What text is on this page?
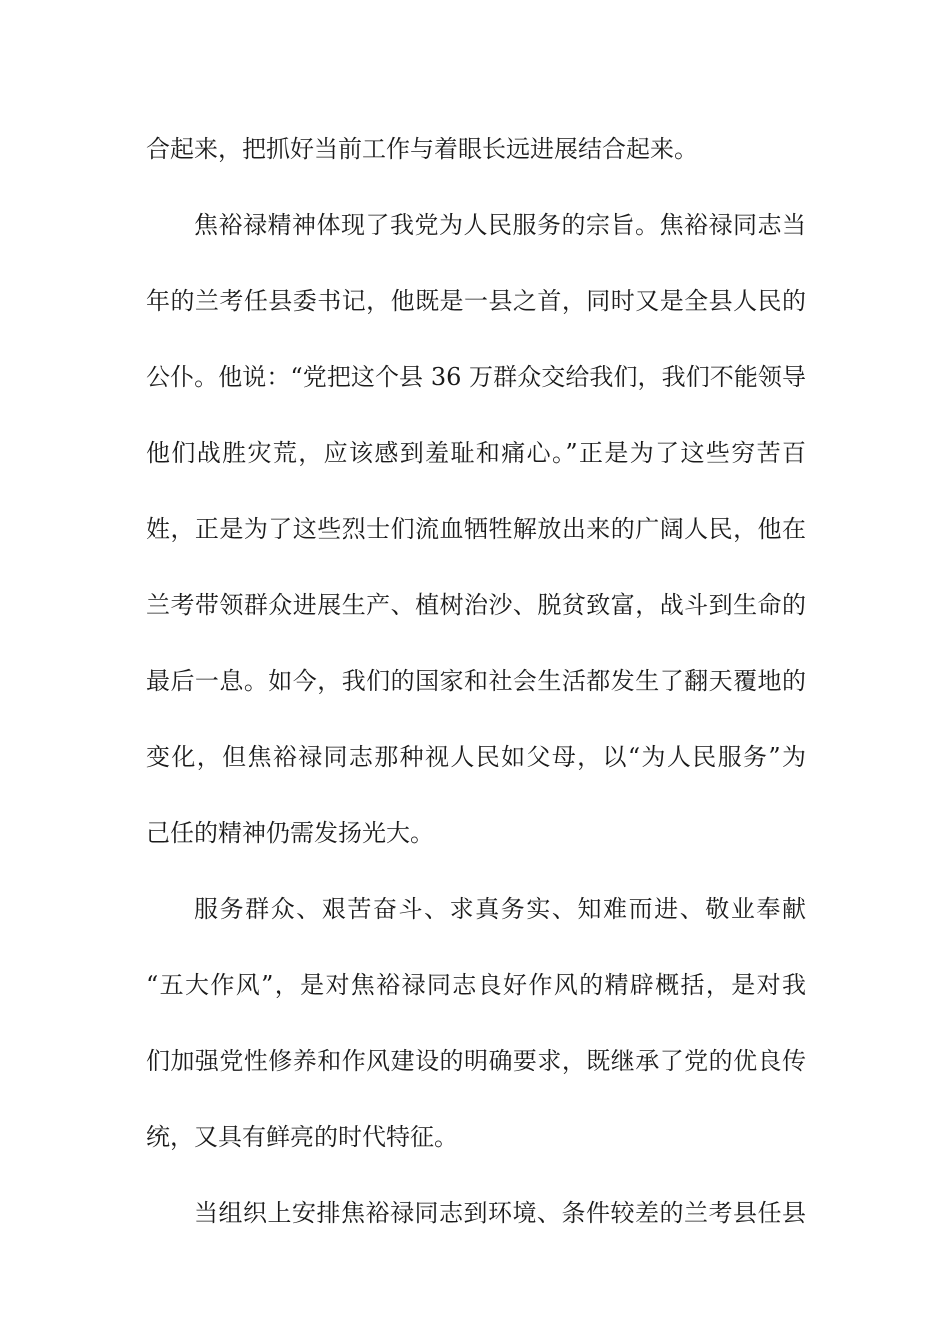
合起来，把抓好当前工作与着眼长远进展结合起来。
焦裕禄精神体现了我党为人民服务的宗旨。焦裕禄同志当
年的兰考任县委书记，他既是一县之首，同时又是全县人民的
公仆。他说：“党把这个县 36 万群众交给我们，我们不能领导
他们战胜灾荒，应该感到羞耻和痛心。”正是为了这些穷苦百
姓，正是为了这些烈士们流血牺牲解放出来的广阔人民，他在
兰考带领群众进展生产、植树治沙、脱贫致富，战斗到生命的
最后一息。如今，我们的国家和社会生活都发生了翻天覆地的
变化，但焦裕禄同志那种视人民如父母，以“为人民服务”为
己任的精神仍需发扬光大。
服务群众、艰苦奋斗、求真务实、知难而进、敬业奉献
“五大作风”，是对焦裕禄同志良好作风的精辟概括，是对我
们加强党性修养和作风建设的明确要求，既继承了党的优良传
统，又具有鲜亮的时代特征。
当组织上安排焦裕禄同志到环境、条件较差的兰考县任县
